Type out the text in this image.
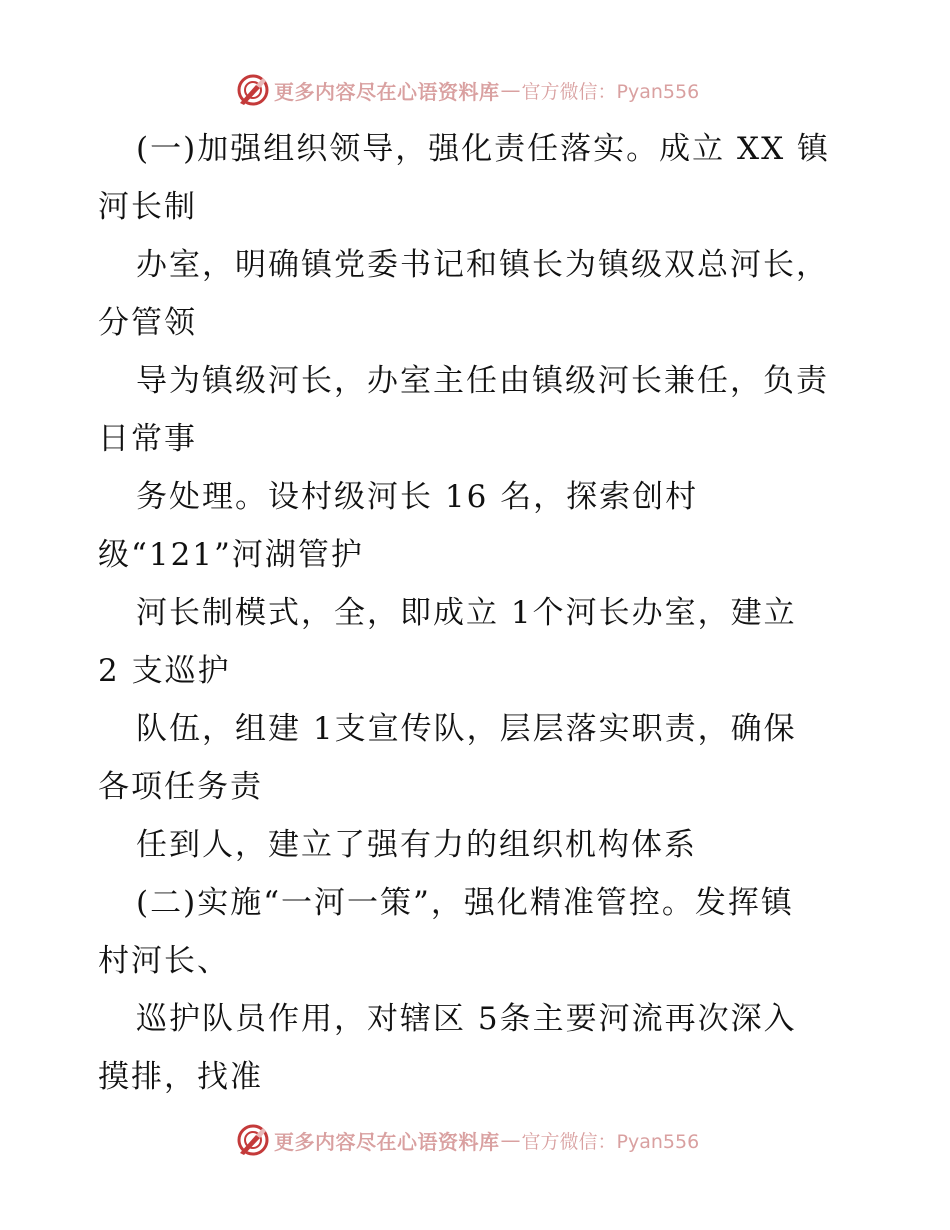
更多内容尽在心语资料库 — 官方微信：Pyan556
(一)加强组织领导，强化责任落实。成立 XX 镇
河长制
办室，明确镇党委书记和镇长为镇级双总河长，
分管领
导为镇级河长，办室主任由镇级河长兼任，负责
日常事
务处理。设村级河长 16 名，探索创村
级“121”河湖管护
河长制模式，全，即成立 1个河长办室，建立
2 支巡护
队伍，组建 1支宣传队，层层落实职责，确保
各项任务责
任到人，建立了强有力的组织机构体系
(二)实施“一河一策”，强化精准管控。发挥镇
村河长、
巡护队员作用，对辖区 5条主要河流再次深入
摸排，找准
更多内容尽在心语资料库 — 官方微信：Pyan556
